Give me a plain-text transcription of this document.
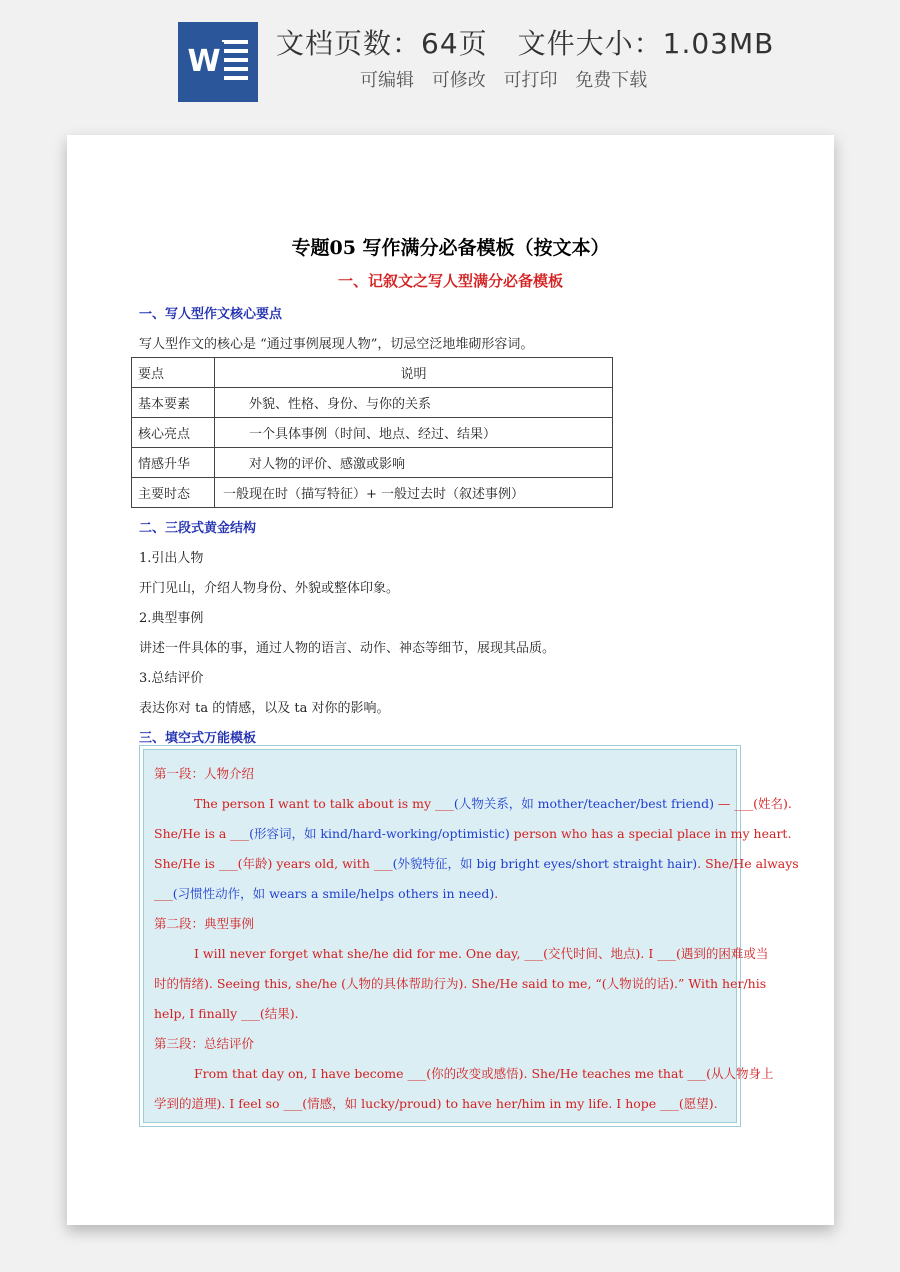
W
文档页数：64页 文件大小：1.03MB
可编辑 可修改 可打印 免费下载
专题05 写作满分必备模板（按文本）
一、记叙文之写人型满分必备模板
一、写人型作文核心要点
写人型作文的核心是 “通过事例展现人物”，切忌空泛地堆砌形容词。
要点	说明
基本要素	外貌、性格、身份、与你的关系
核心亮点	一个具体事例（时间、地点、经过、结果）
情感升华	对人物的评价、感激或影响
主要时态	一般现在时（描写特征）+ 一般过去时（叙述事例）
二、三段式黄金结构
1.引出人物
开门见山，介绍人物身份、外貌或整体印象。
2.典型事例
讲述一件具体的事，通过人物的语言、动作、神态等细节，展现其品质。
3.总结评价
表达你对 ta 的情感，以及 ta 对你的影响。
三、填空式万能模板
第一段：人物介绍
The person I want to talk about is my ___(人物关系，如 mother/teacher/best friend) — ___(姓名).
She/He is a ___(形容词，如 kind/hard-working/optimistic) person who has a special place in my heart.
She/He is ___(年龄) years old, with ___(外貌特征，如 big bright eyes/short straight hair). She/He always
___(习惯性动作，如 wears a smile/helps others in need).
第二段：典型事例
I will never forget what she/he did for me. One day, ___(交代时间、地点). I ___(遇到的困难或当
时的情绪). Seeing this, she/he (人物的具体帮助行为). She/He said to me, “(人物说的话).” With her/his
help, I finally ___(结果).
第三段：总结评价
From that day on, I have become ___(你的改变或感悟). She/He teaches me that ___(从人物身上
学到的道理). I feel so ___(情感，如 lucky/proud) to have her/him in my life. I hope ___(愿望).
